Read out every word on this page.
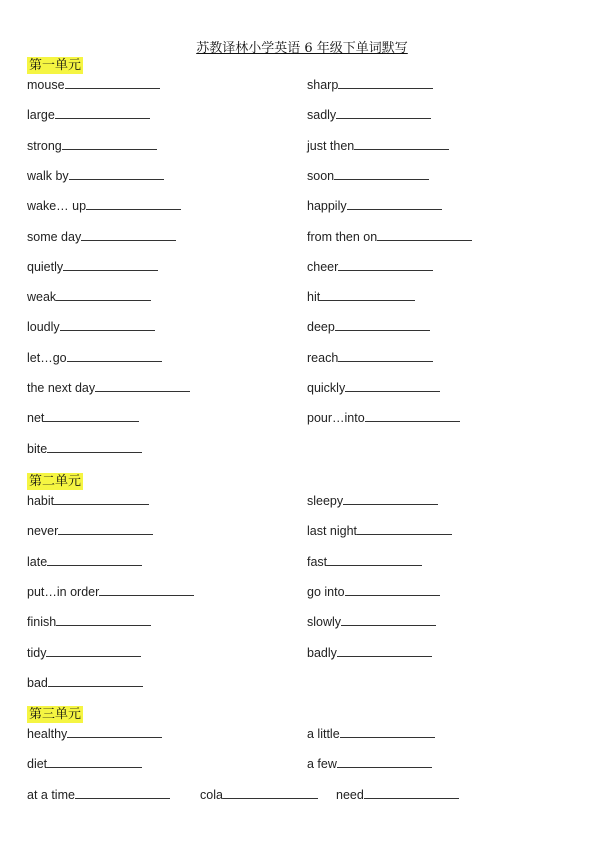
苏教译林小学英语 6 年级下单词默写
第一单元
mouse	sharp
large	sadly
strong	just then
walk by	soon
wake… up	happily
some day	from then on
quietly	cheer
weak	hit
loudly	deep
let…go	reach
the next day	quickly
net	pour…into
bite
第二单元
habit	sleepy
never	last night
late	fast
put…in order	go into
finish	slowly
tidy	badly
bad
第三单元
healthy	a little
diet	a few
at a time	cola	need
